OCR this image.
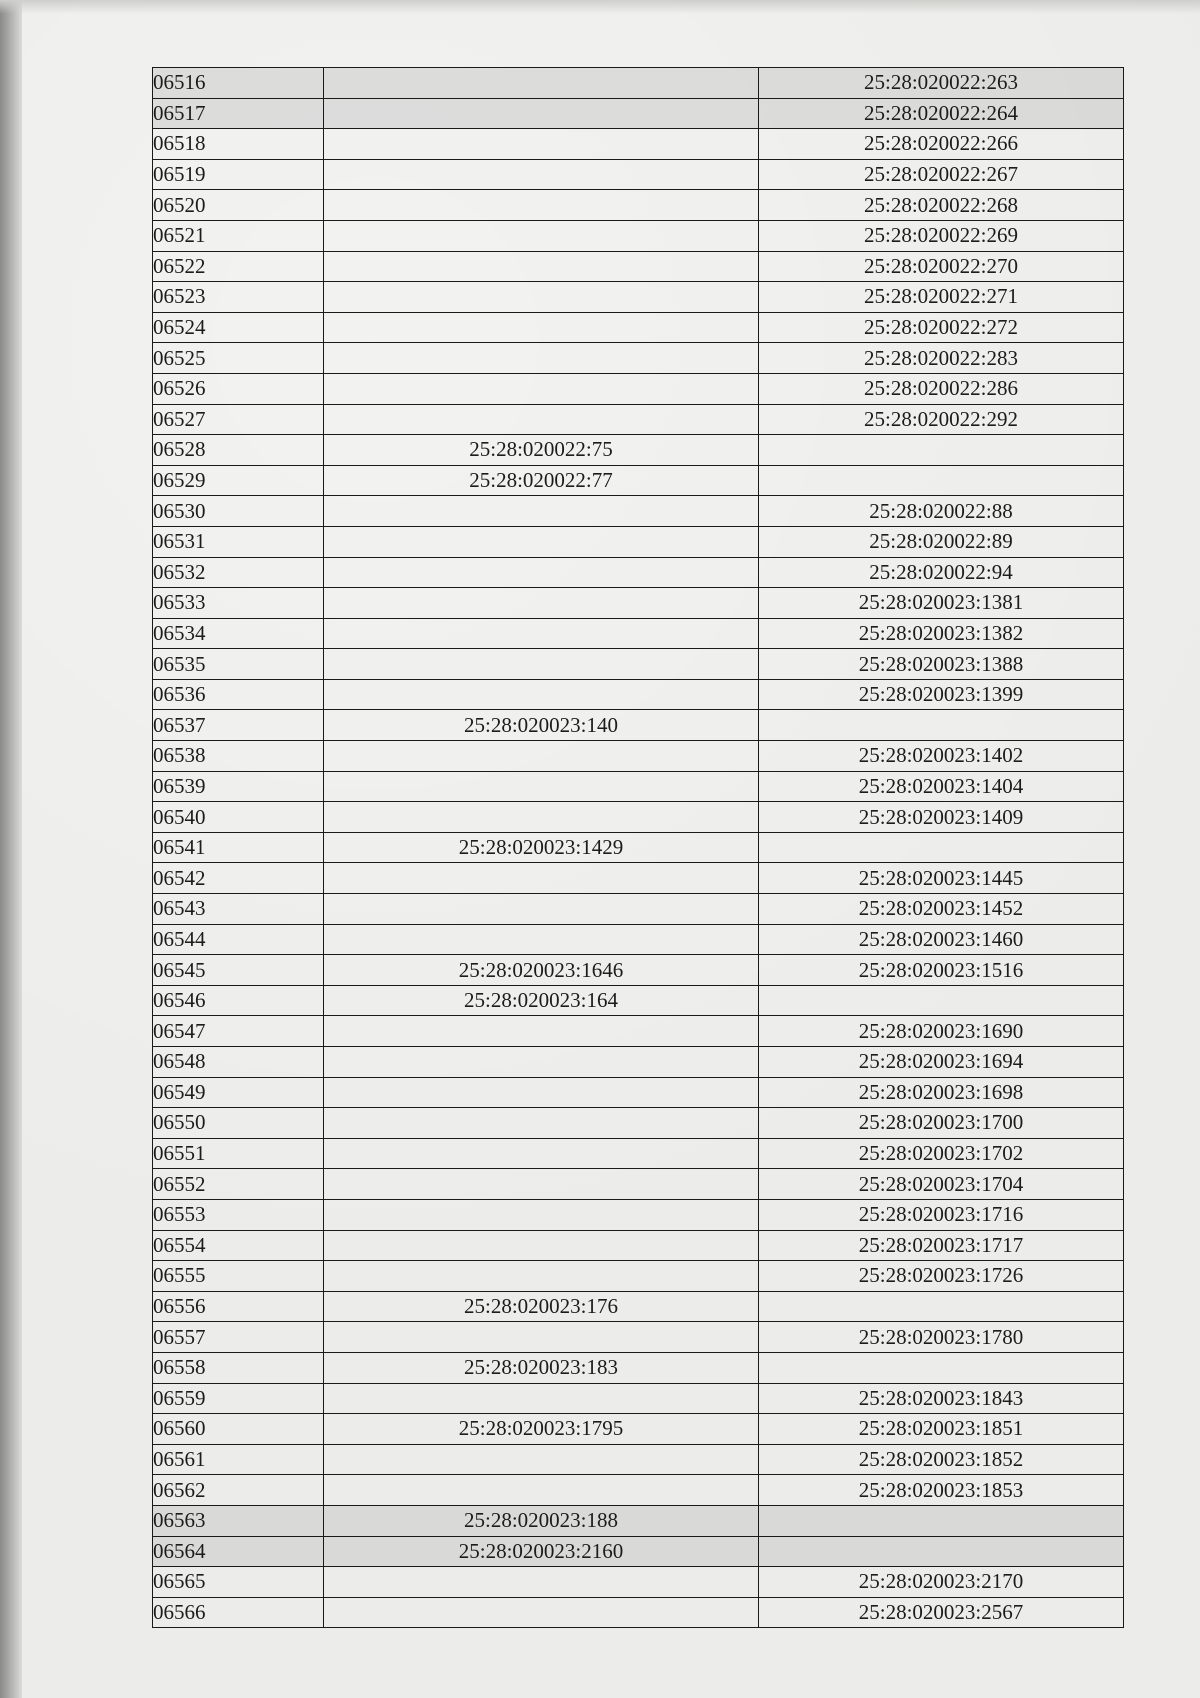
06516		25:28:020022:263
06517		25:28:020022:264
06518		25:28:020022:266
06519		25:28:020022:267
06520		25:28:020022:268
06521		25:28:020022:269
06522		25:28:020022:270
06523		25:28:020022:271
06524		25:28:020022:272
06525		25:28:020022:283
06526		25:28:020022:286
06527		25:28:020022:292
06528	25:28:020022:75	
06529	25:28:020022:77	
06530		25:28:020022:88
06531		25:28:020022:89
06532		25:28:020022:94
06533		25:28:020023:1381
06534		25:28:020023:1382
06535		25:28:020023:1388
06536		25:28:020023:1399
06537	25:28:020023:140	
06538		25:28:020023:1402
06539		25:28:020023:1404
06540		25:28:020023:1409
06541	25:28:020023:1429	
06542		25:28:020023:1445
06543		25:28:020023:1452
06544		25:28:020023:1460
06545	25:28:020023:1646	25:28:020023:1516
06546	25:28:020023:164	
06547		25:28:020023:1690
06548		25:28:020023:1694
06549		25:28:020023:1698
06550		25:28:020023:1700
06551		25:28:020023:1702
06552		25:28:020023:1704
06553		25:28:020023:1716
06554		25:28:020023:1717
06555		25:28:020023:1726
06556	25:28:020023:176	
06557		25:28:020023:1780
06558	25:28:020023:183	
06559		25:28:020023:1843
06560	25:28:020023:1795	25:28:020023:1851
06561		25:28:020023:1852
06562		25:28:020023:1853
06563	25:28:020023:188	
06564	25:28:020023:2160	
06565		25:28:020023:2170
06566		25:28:020023:2567
